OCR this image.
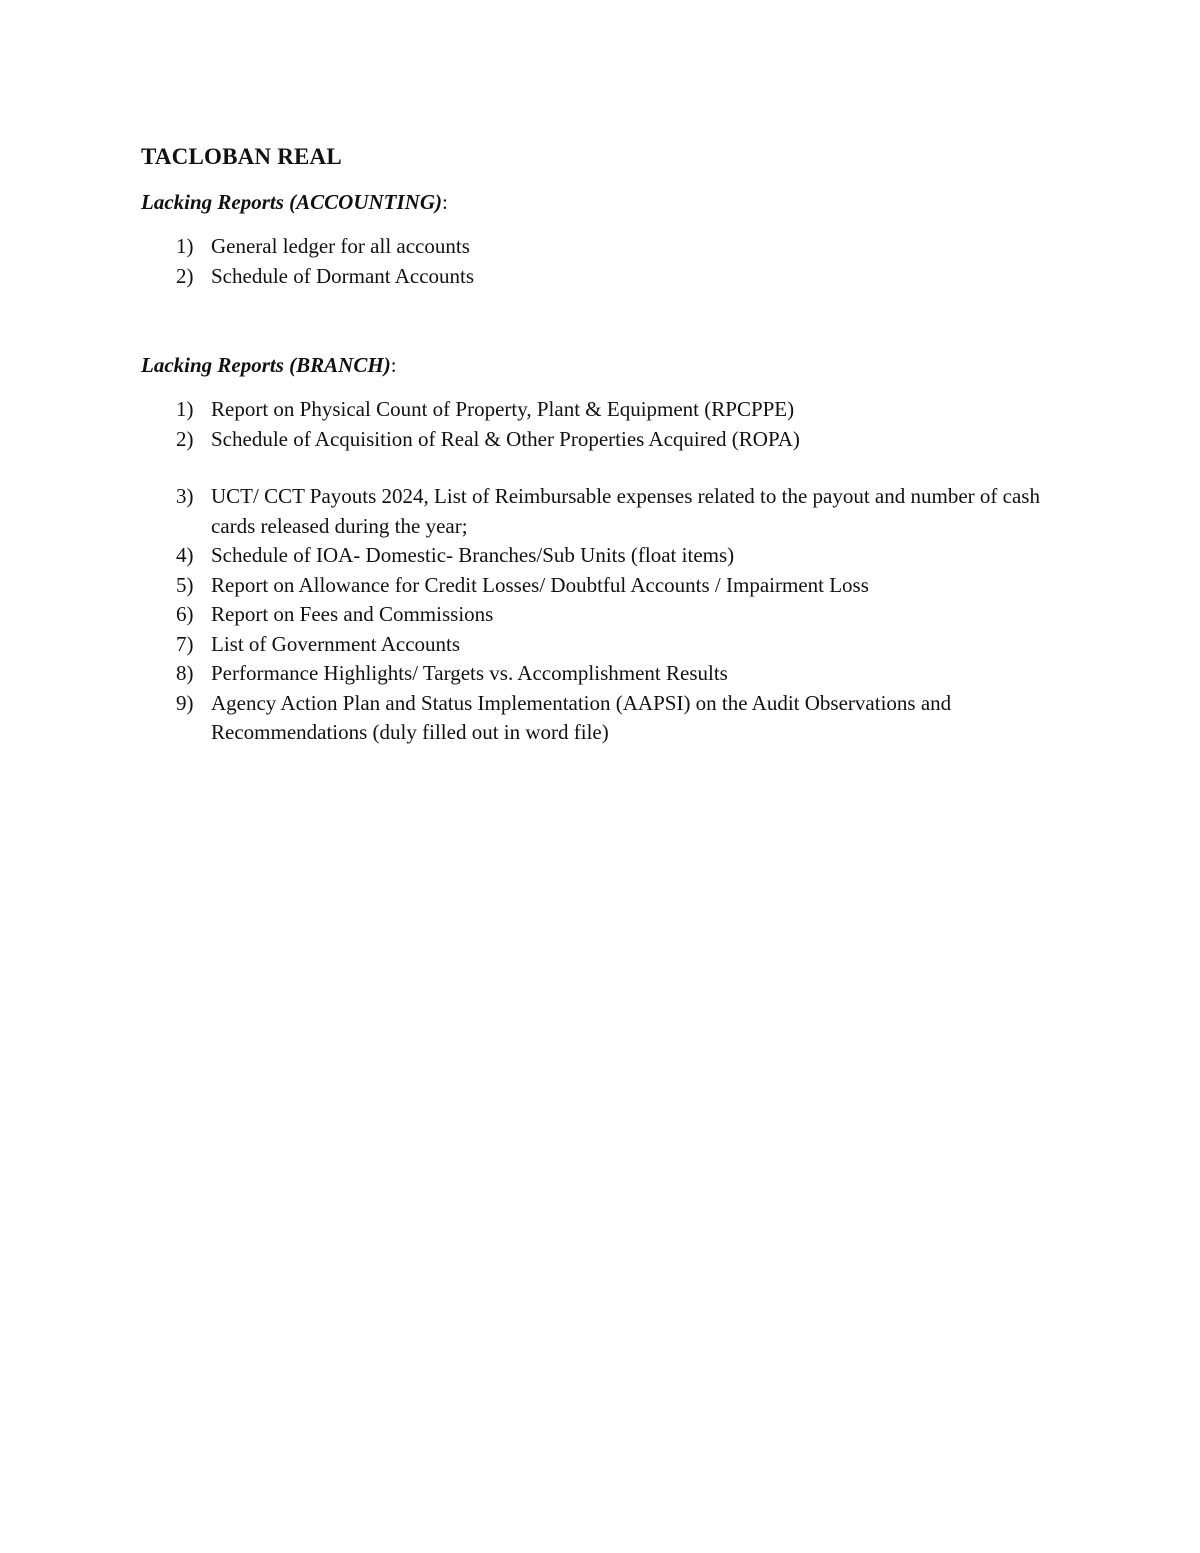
TACLOBAN REAL

Lacking Reports (ACCOUNTING):

1) General ledger for all accounts
2) Schedule of Dormant Accounts

Lacking Reports (BRANCH):

1) Report on Physical Count of Property, Plant & Equipment (RPCPPE)
2) Schedule of Acquisition of Real & Other Properties Acquired (ROPA)
3) UCT/ CCT Payouts 2024, List of Reimbursable expenses related to the payout and number of cash cards released during the year;
4) Schedule of IOA- Domestic- Branches/Sub Units (float items)
5) Report on Allowance for Credit Losses/ Doubtful Accounts / Impairment Loss
6) Report on Fees and Commissions
7) List of Government Accounts
8) Performance Highlights/ Targets vs. Accomplishment Results
9) Agency Action Plan and Status Implementation (AAPSI) on the Audit Observations and Recommendations (duly filled out in word file)
